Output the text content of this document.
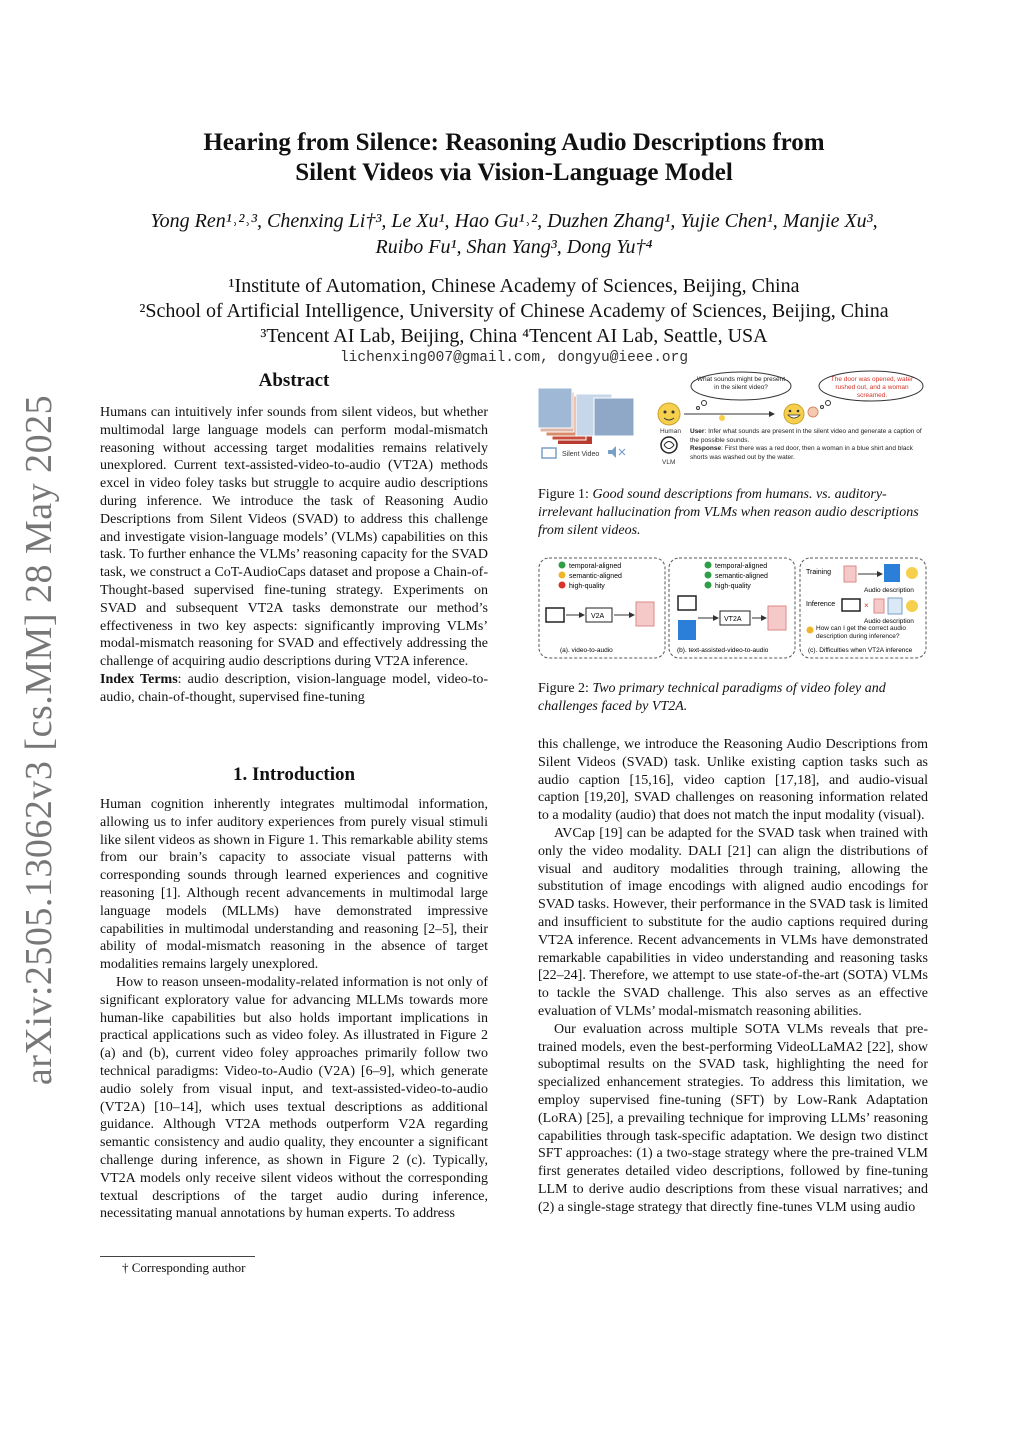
arXiv:2505.13062v3 [cs.MM] 28 May 2025
Hearing from Silence: Reasoning Audio Descriptions from
Silent Videos via Vision-Language Model
Yong Ren¹˒²˒³, Chenxing Li†³, Le Xu¹, Hao Gu¹˒², Duzhen Zhang¹, Yujie Chen¹, Manjie Xu³,
Ruibo Fu¹, Shan Yang³, Dong Yu†⁴
¹Institute of Automation, Chinese Academy of Sciences, Beijing, China
²School of Artificial Intelligence, University of Chinese Academy of Sciences, Beijing, China
³Tencent AI Lab, Beijing, China ⁴Tencent AI Lab, Seattle, USA
lichenxing007@gmail.com, dongyu@ieee.org
Abstract

Humans can intuitively infer sounds from silent videos, but whether multimodal large language models can perform modal-mismatch reasoning without accessing target modalities remains relatively unexplored. Current text-assisted-video-to-audio (VT2A) methods excel in video foley tasks but struggle to acquire audio descriptions during inference. We introduce the task of Reasoning Audio Descriptions from Silent Videos (SVAD) to address this challenge and investigate vision-language models’ (VLMs) capabilities on this task. To further enhance the VLMs’ reasoning capacity for the SVAD task, we construct a CoT-AudioCaps dataset and propose a Chain-of-Thought-based supervised fine-tuning strategy. Experiments on SVAD and subsequent VT2A tasks demonstrate our method’s effectiveness in two key aspects: significantly improving VLMs’ modal-mismatch reasoning for SVAD and effectively addressing the challenge of acquiring audio descriptions during VT2A inference.

Index Terms: audio description, vision-language model, video-to-audio, chain-of-thought, supervised fine-tuning

1. Introduction

Human cognition inherently integrates multimodal information, allowing us to infer auditory experiences from purely visual stimuli like silent videos as shown in Figure 1. This remarkable ability stems from our brain’s capacity to associate visual patterns with corresponding sounds through learned experiences and cognitive reasoning [1]. Although recent advancements in multimodal large language models (MLLMs) have demonstrated impressive capabilities in multimodal understanding and reasoning [2–5], their ability of modal-mismatch reasoning in the absence of target modalities remains largely unexplored.

How to reason unseen-modality-related information is not only of significant exploratory value for advancing MLLMs towards more human-like capabilities but also holds important implications in practical applications such as video foley. As illustrated in Figure 2 (a) and (b), current video foley approaches primarily follow two technical paradigms: Video-to-Audio (V2A) [6–9], which generate audio solely from visual input, and text-assisted-video-to-audio (VT2A) [10–14], which uses textual descriptions as additional guidance. Although VT2A methods outperform V2A regarding semantic consistency and audio quality, they encounter a significant challenge during inference, as shown in Figure 2 (c). Typically, VT2A models only receive silent videos without the corresponding textual descriptions of the target audio during inference, necessitating manual annotations by human experts. To address

† Corresponding author
Silent Video
Human
VLM
What sounds might be present in the silent video?
The door was opened, water rushed out, and a woman screamed.
User: Infer what sounds are present in the silent video and generate a caption of the possible sounds.
Response: First there was a red door, then a woman in a blue shirt and black shorts was washed out by the water.
Figure 1: Good sound descriptions from humans. vs. auditory-irrelevant hallucination from VLMs when reason audio descriptions from silent videos.
temporal-aligned
semantic-aligned
high-quality
V2A
(a). video-to-audio
temporal-aligned
semantic-aligned
high-quality
VT2A
(b). text-assisted-video-to-audio
Training
Audio description
Inference	×
Audio description
How can I get the correct audio description during inference?
(c). Difficulties when VT2A inference
Figure 2: Two primary technical paradigms of video foley and challenges faced by VT2A.

this challenge, we introduce the Reasoning Audio Descriptions from Silent Videos (SVAD) task. Unlike existing caption tasks such as audio caption [15,16], video caption [17,18], and audio-visual caption [19,20], SVAD challenges on reasoning information related to a modality (audio) that does not match the input modality (visual).

AVCap [19] can be adapted for the SVAD task when trained with only the video modality. DALI [21] can align the distributions of visual and auditory modalities through training, allowing the substitution of image encodings with aligned audio encodings for SVAD tasks. However, their performance in the SVAD task is limited and insufficient to substitute for the audio captions required during VT2A inference. Recent advancements in VLMs have demonstrated remarkable capabilities in video understanding and reasoning tasks [22–24]. Therefore, we attempt to use state-of-the-art (SOTA) VLMs to tackle the SVAD challenge. This also serves as an effective evaluation of VLMs’ modal-mismatch reasoning abilities.

Our evaluation across multiple SOTA VLMs reveals that pre-trained models, even the best-performing VideoLLaMA2 [22], show suboptimal results on the SVAD task, highlighting the need for specialized enhancement strategies. To address this limitation, we employ supervised fine-tuning (SFT) by Low-Rank Adaptation (LoRA) [25], a prevailing technique for improving LLMs’ reasoning capabilities through task-specific adaptation. We design two distinct SFT approaches: (1) a two-stage strategy where the pre-trained VLM first generates detailed video descriptions, followed by fine-tuning LLM to derive audio descriptions from these visual narratives; and (2) a single-stage strategy that directly fine-tunes VLM using audio
